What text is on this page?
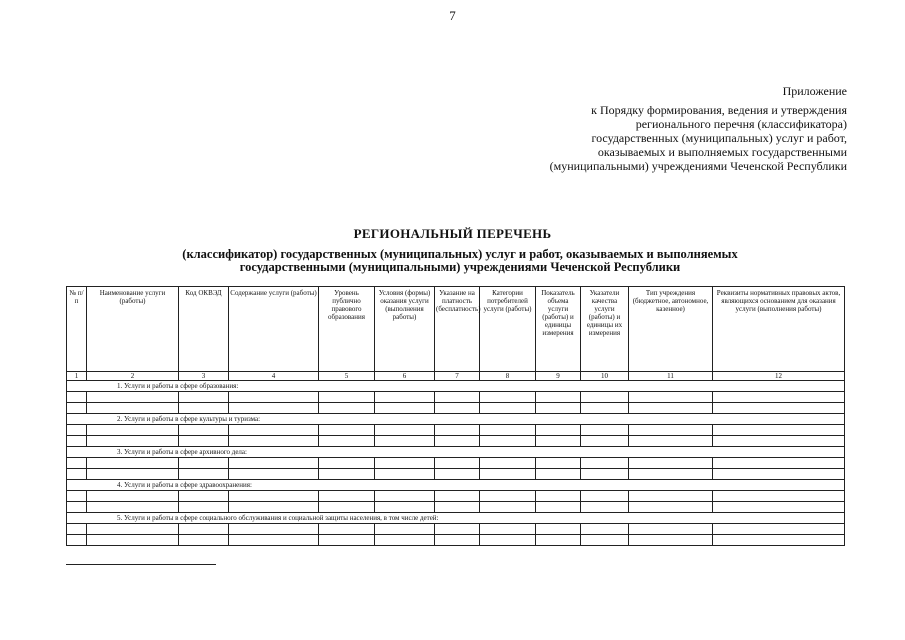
7
Приложение
к Порядку формирования, ведения и утверждения регионального перечня (классификатора) государственных (муниципальных) услуг и работ, оказываемых и выполняемых государственными (муниципальными) учреждениями Чеченской Республики
РЕГИОНАЛЬНЫЙ ПЕРЕЧЕНЬ
(классификатор) государственных (муниципальных) услуг и работ, оказываемых и выполняемых государственными (муниципальными) учреждениями Чеченской Республики
№ п/п	Наименование услуги (работы)	Код ОКВЭД	Содержание услуги (работы)	Уровень публично правового образования	Условия (формы) оказания услуги (выполнения работы)	Указание на платность (бесплатность)	Категории потребителей услуги (работы)	Показатель объема услуги (работы) и единицы измерения	Указатели качества услуги (работы) и единицы их измерения	Тип учреждения (бюджетное, автономное, казенное)	Реквизиты нормативных правовых актов, являющихся основанием для оказания услуги (выполнения работы)
1	2	3	4	5	6	7	8	9	10	11	12
1. Услуги и работы в сфере образования:											

2. Услуги и работы в сфере культуры и туризма:											

3. Услуги и работы в сфере архивного дела:											

4. Услуги и работы в сфере здравоохранения:											

5. Услуги и работы в сфере социального обслуживания и социальной защиты населения, в том числе детей:											
